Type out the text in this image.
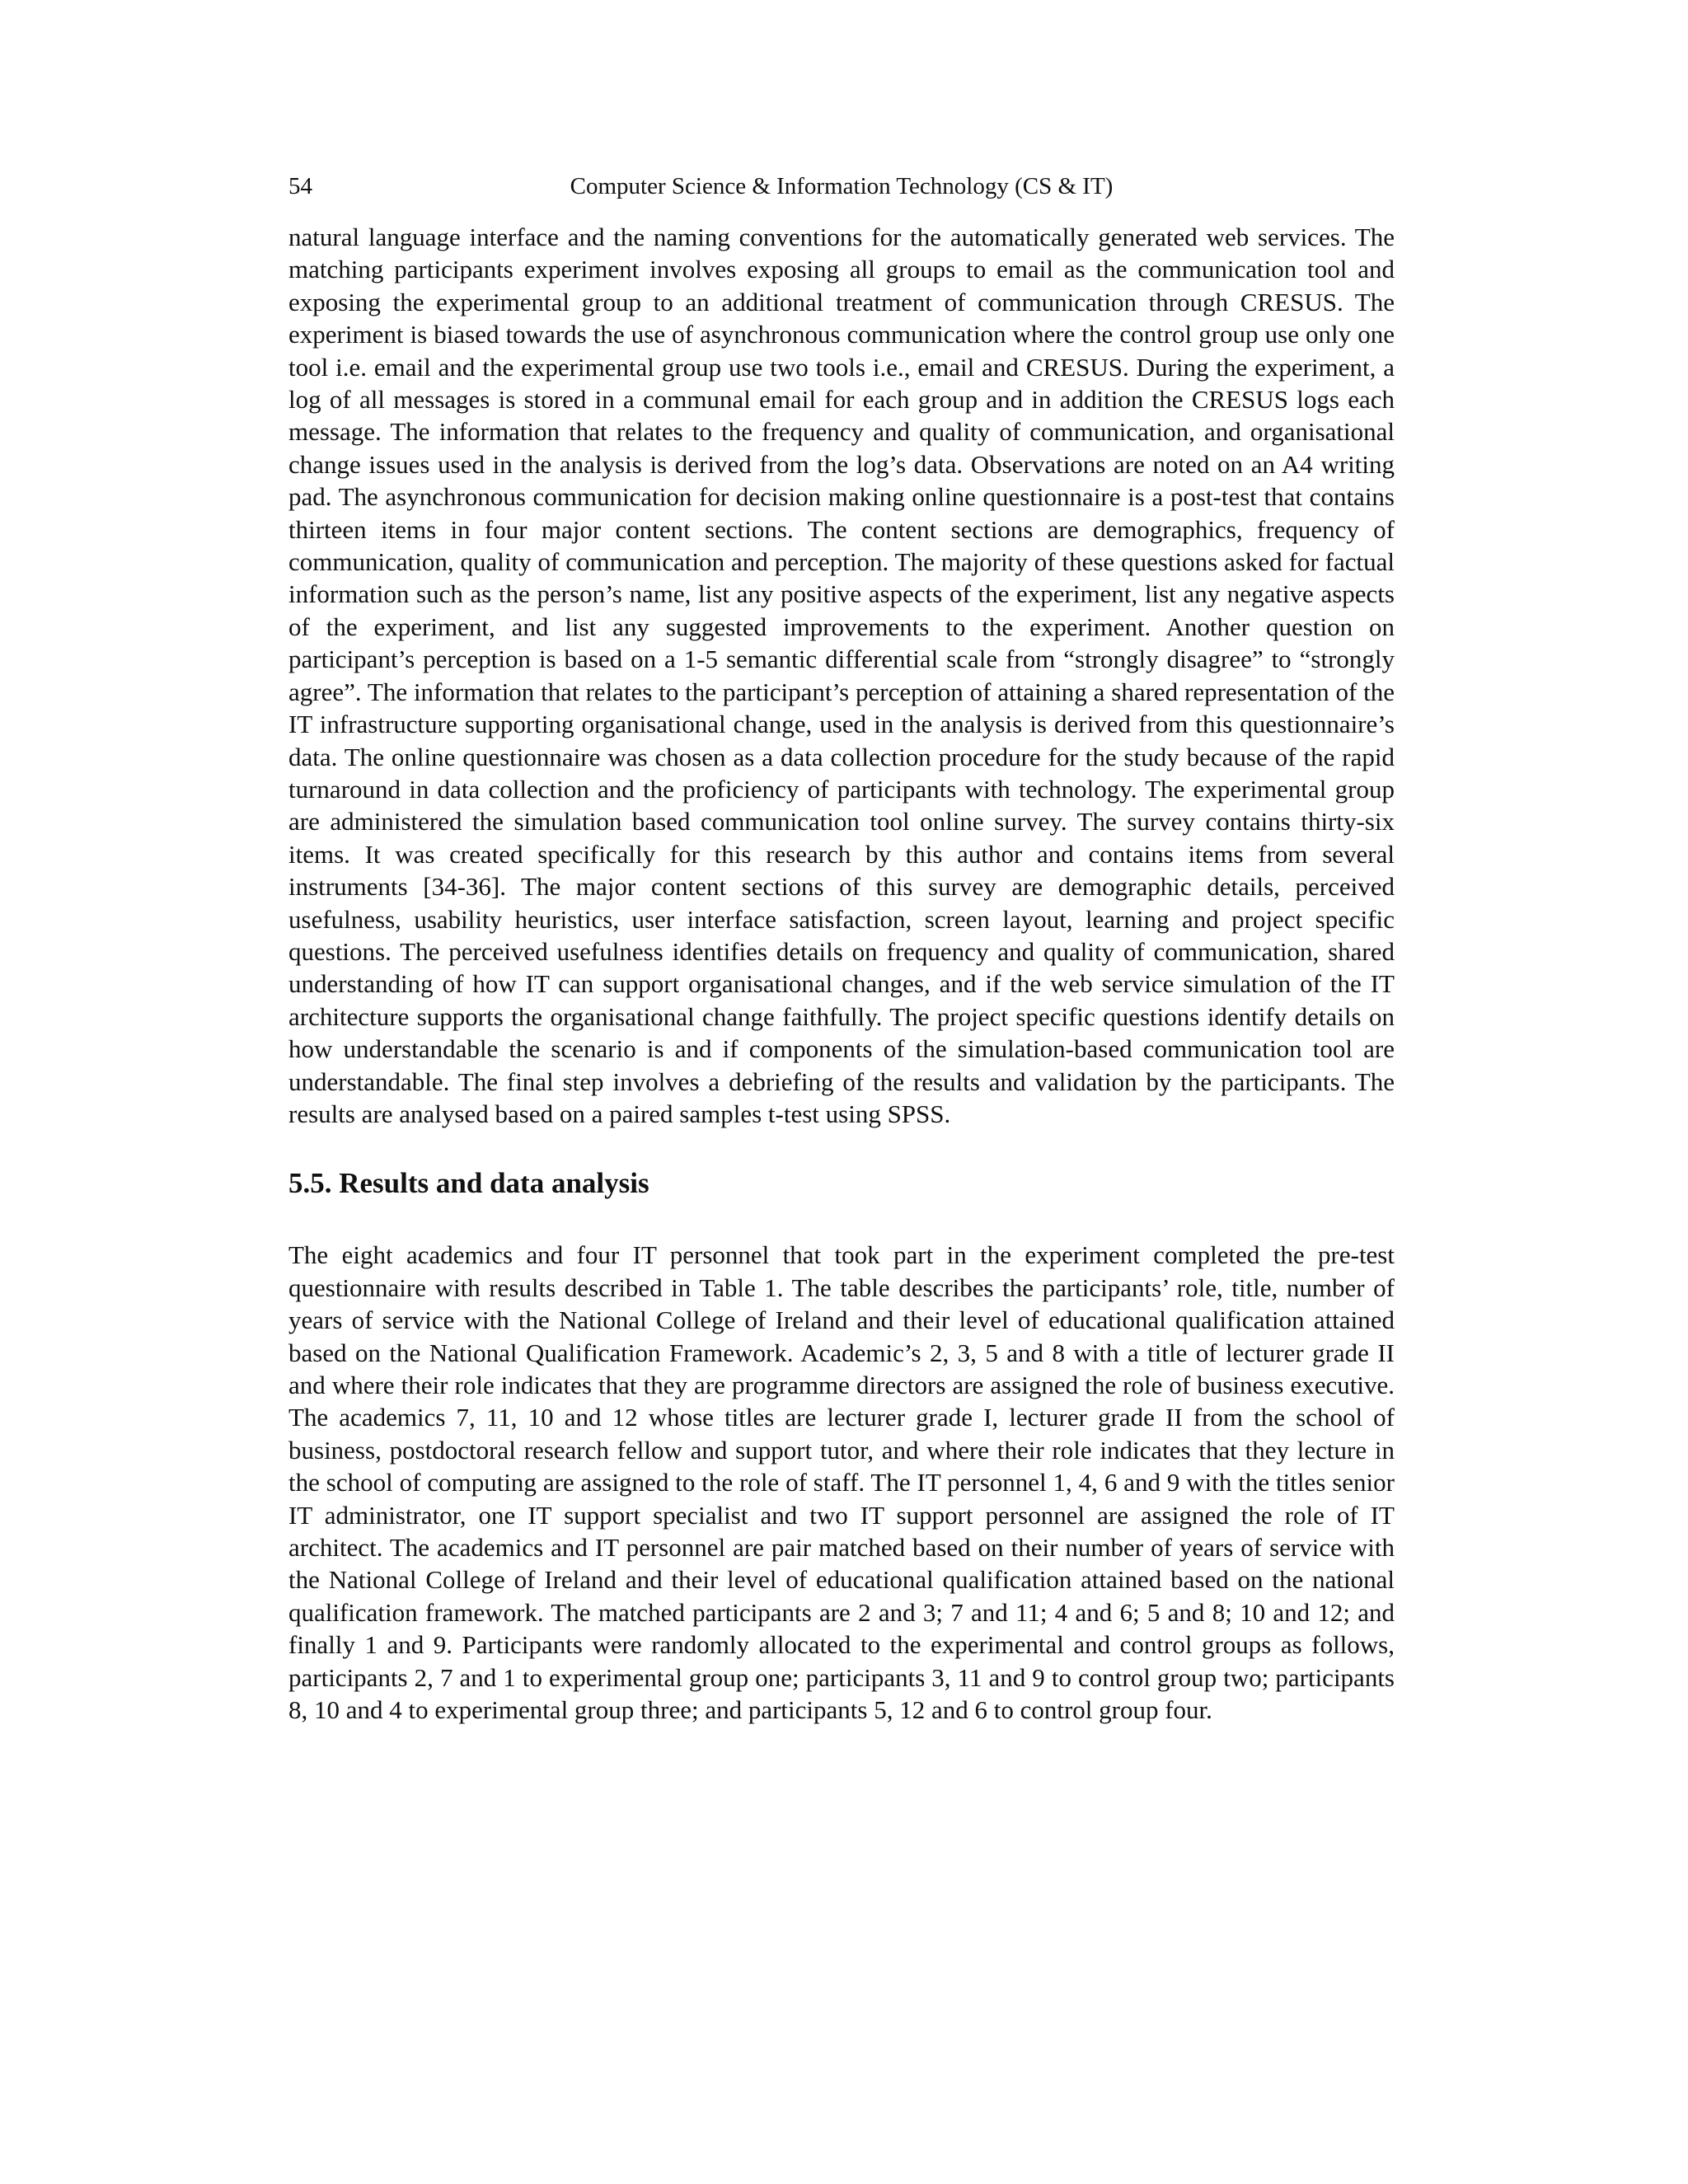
54	Computer Science & Information Technology (CS & IT)

natural language interface and the naming conventions for the automatically generated web services. The matching participants experiment involves exposing all groups to email as the communication tool and exposing the experimental group to an additional treatment of communication through CRESUS. The experiment is biased towards the use of asynchronous communication where the control group use only one tool i.e. email and the experimental group use two tools i.e., email and CRESUS. During the experiment, a log of all messages is stored in a communal email for each group and in addition the CRESUS logs each message. The information that relates to the frequency and quality of communication, and organisational change issues used in the analysis is derived from the log’s data. Observations are noted on an A4 writing pad. The asynchronous communication for decision making online questionnaire is a post-test that contains thirteen items in four major content sections. The content sections are demographics, frequency of communication, quality of communication and perception. The majority of these questions asked for factual information such as the person’s name, list any positive aspects of the experiment, list any negative aspects of the experiment, and list any suggested improvements to the experiment. Another question on participant’s perception is based on a 1-5 semantic differential scale from “strongly disagree” to “strongly agree”. The information that relates to the participant’s perception of attaining a shared representation of the IT infrastructure supporting organisational change, used in the analysis is derived from this questionnaire’s data. The online questionnaire was chosen as a data collection procedure for the study because of the rapid turnaround in data collection and the proficiency of participants with technology. The experimental group are administered the simulation based communication tool online survey. The survey contains thirty-six items. It was created specifically for this research by this author and contains items from several instruments [34-36]. The major content sections of this survey are demographic details, perceived usefulness, usability heuristics, user interface satisfaction, screen layout, learning and project specific questions. The perceived usefulness identifies details on frequency and quality of communication, shared understanding of how IT can support organisational changes, and if the web service simulation of the IT architecture supports the organisational change faithfully. The project specific questions identify details on how understandable the scenario is and if components of the simulation-based communication tool are understandable. The final step involves a debriefing of the results and validation by the participants. The results are analysed based on a paired samples t-test using SPSS.

5.5. Results and data analysis

The eight academics and four IT personnel that took part in the experiment completed the pre-test questionnaire with results described in Table 1. The table describes the participants’ role, title, number of years of service with the National College of Ireland and their level of educational qualification attained based on the National Qualification Framework. Academic’s 2, 3, 5 and 8 with a title of lecturer grade II and where their role indicates that they are programme directors are assigned the role of business executive. The academics 7, 11, 10 and 12 whose titles are lecturer grade I, lecturer grade II from the school of business, postdoctoral research fellow and support tutor, and where their role indicates that they lecture in the school of computing are assigned to the role of staff. The IT personnel 1, 4, 6 and 9 with the titles senior IT administrator, one IT support specialist and two IT support personnel are assigned the role of IT architect. The academics and IT personnel are pair matched based on their number of years of service with the National College of Ireland and their level of educational qualification attained based on the national qualification framework. The matched participants are 2 and 3; 7 and 11; 4 and 6; 5 and 8; 10 and 12; and finally 1 and 9. Participants were randomly allocated to the experimental and control groups as follows, participants 2, 7 and 1 to experimental group one; participants 3, 11 and 9 to control group two; participants 8, 10 and 4 to experimental group three; and participants 5, 12 and 6 to control group four.
